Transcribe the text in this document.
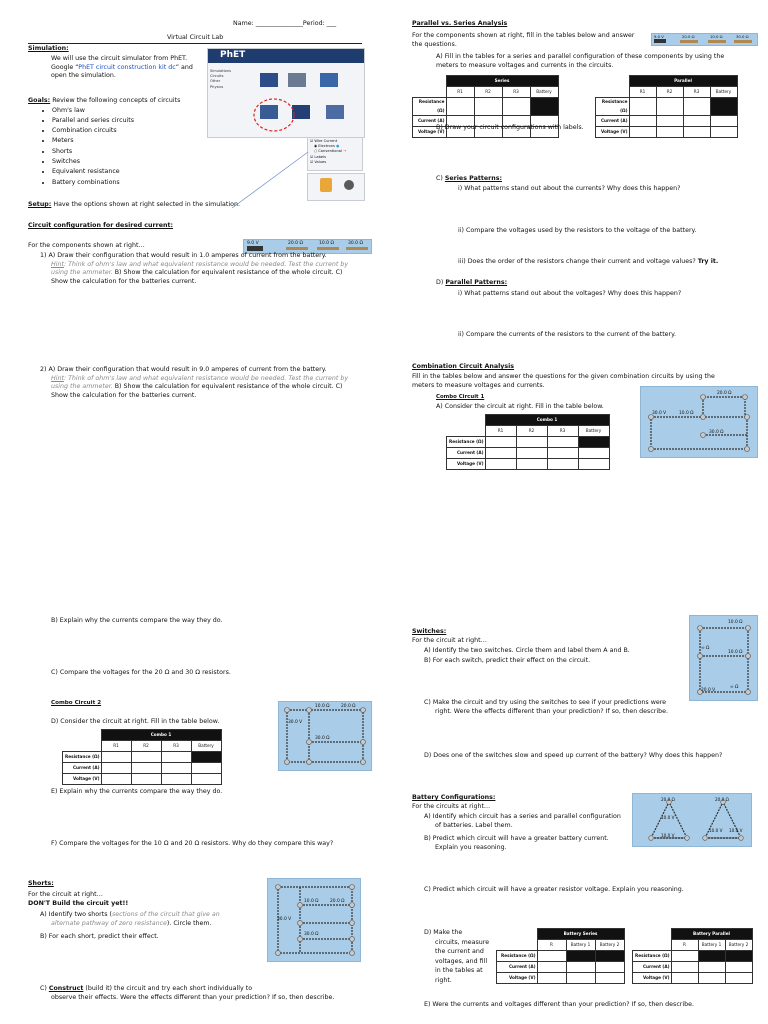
Name: _______________Period: ___
Virtual Circuit Lab
Simulation:
We will use the circuit simulator from PhET.
Google “PhET circuit construction kit dc” and
open the simulation.
PhET
Simulations
Circuits
Other
Physics
☑ Wire Current
◉ Electrons ●
○ Conventional →
☑ Labels
☑ Values
Goals: Review the following concepts of circuits
• Ohm's law
• Parallel and series circuits
• Combination circuits
• Meters
• Shorts
• Switches
• Equivalent resistance
• Battery combinations
Setup: Have the options shown at right selected in the simulation.
Circuit configuration for desired current:
For the components shown at right…	9.0 V	20.0 Ω	10.0 Ω	30.0 Ω
1) A) Draw their configuration that would result in 1.0 amperes of current from the battery.
Hint: Think of ohm's law and what equivalent resistance would be needed. Test the current by
using the ammeter. B) Show the calculation for equivalent resistance of the whole circuit. C)
Show the calculation for the batteries current.
2) A) Draw their configuration that would result in 9.0 amperes of current from the battery.
Hint: Think of ohm's law and what equivalent resistance would be needed. Test the current by
using the ammeter. B) Show the calculation for equivalent resistance of the whole circuit. C)
Show the calculation for the batteries current.
B) Explain why the currents compare the way they do.
C) Compare the voltages for the 20 Ω and 30 Ω resistors.
Combo Circuit 2
D) Consider the circuit at right. Fill in the table below.
	Combo 1			
	R1	R2	R3	Battery
Resistance (Ω)				
Current (A)				
Voltage (V)				
E) Explain why the currents compare the way they do.
F) Compare the voltages for the 10 Ω and 20 Ω resistors. Why do they compare this way?
10.0 Ω	20.0 Ω
30.0 V
30.0 Ω
Shorts:
For the circuit at right…
DON'T Build the circuit yet!!
A) Identify two shorts (sections of the circuit that give an
alternate pathway of zero resistance). Circle them.
B) For each short, predict their effect.
C) Construct (build it) the circuit and try each short individually to
observe their effects. Were the effects different than your prediction? If so, then describe.
10.0 Ω	20.0 Ω
30.0 V
30.0 Ω
Parallel vs. Series Analysis
For the components shown at right, fill in the tables below and answer
the questions.
9.0 V	20.0 Ω	10.0 Ω	30.0 Ω
A) Fill in the tables for a series and parallel configuration of these components by using the
meters to measure voltages and currents in the circuits.
	Series			
	R1	R2	R3	Battery
Resistance (Ω)				
Current (A)				
Voltage (V)				
	Parallel			
	R1	R2	R3	Battery
Resistance (Ω)				
Current (A)				
Voltage (V)				
B) Draw your circuit configurations with labels.
C) Series Patterns:
i) What patterns stand out about the currents? Why does this happen?
ii) Compare the voltages used by the resistors to the voltage of the battery.
iii) Does the order of the resistors change their current and voltage values? Try it.
D) Parallel Patterns:
i) What patterns stand out about the voltages? Why does this happen?
ii) Compare the currents of the resistors to the current of the battery.
Combination Circuit Analysis
Fill in the tables below and answer the questions for the given combination circuits by using the
meters to measure voltages and currents.
Combo Circuit 1
A) Consider the circuit at right. Fill in the table below.
	Combo 1			
	R1	R2	R3	Battery
Resistance (Ω)				
Current (A)				
Voltage (V)				
20.0 Ω
30.0 V	10.0 Ω
30.0 Ω
Switches:
For the circuit at right…
A) Identify the two switches. Circle them and label them A and B.
B) For each switch, predict their effect on the circuit.
C) Make the circuit and try using the switches to see if your predictions were
right. Were the effects different than your prediction? If so, then describe.
D) Does one of the switches slow and speed up current of the battery? Why does this happen?
10.0 Ω
∞ Ω
10.0 Ω
20.0 V
∞ Ω
Battery Configurations:
For the circuits at right…
A) Identify which circuit has a series and parallel configuration
of batteries. Label them.
B) Predict which circuit will have a greater battery current.
Explain you reasoning.
C) Predict which circuit will have a greater resistor voltage. Explain you reasoning.
D) Make the
circuits, measure
the current and
voltages, and fill
in the tables at
right.
E) Were the currents and voltages different than your prediction? If so, then describe.
20.0 Ω
10.0 V
10.0 V
20.0 Ω
10.0 V 10.0 V
	Battery Series		
	R	Battery 1	Battery 2
Resistance (Ω)			
Current (A)			
Voltage (V)			
	Battery Parallel		
	R	Battery 1	Battery 2
Resistance (Ω)			
Current (A)			
Voltage (V)			
